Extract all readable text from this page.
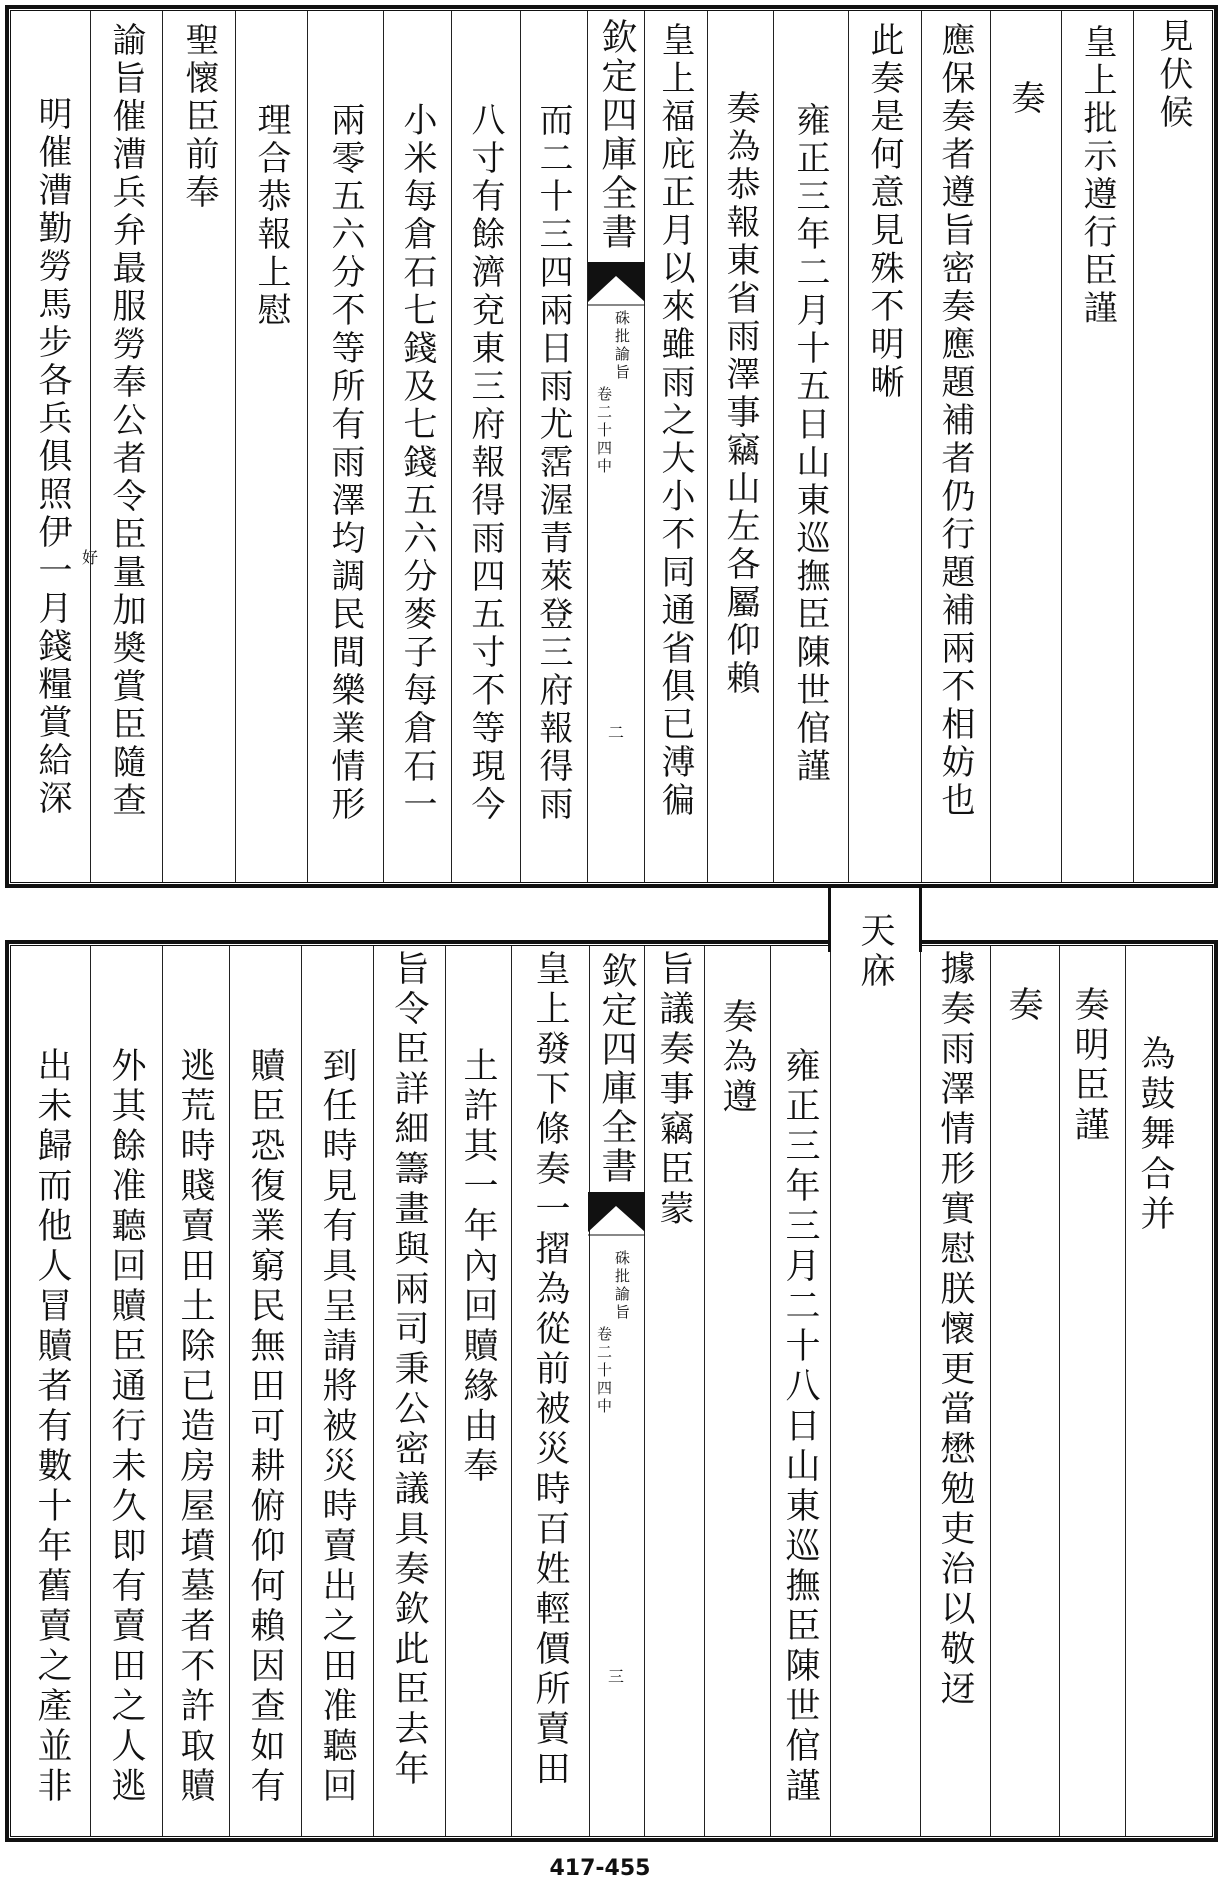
見伏候
皇上批示遵行臣謹
奏
應保奏者遵旨密奏應題補者仍行題補兩不相妨也
此奏是何意見殊不明晰
雍正三年二月十五日山東巡撫臣陳世倌謹
奏為恭報東省雨澤事竊山左各屬仰賴
皇上福庇正月以來雖雨之大小不同通省俱已溥徧
而二十三四兩日雨尤霑渥青萊登三府報得雨
八寸有餘濟兗東三府報得雨四五寸不等現今
小米每倉石七錢及七錢五六分麥子每倉石一
兩零五六分不等所有雨澤均調民間樂業情形
理合恭報上慰
聖懷臣前奉
諭旨催漕兵弁最服勞奉公者令臣量加奬賞臣隨查
明催漕勤勞馬步各兵俱照伊一月錢糧賞給深 好
欽定四庫全書
硃批諭旨
卷二十四中
二
為鼓舞合并
奏明臣謹
奏
據奏雨澤情形實慰朕懷更當懋勉吏治以敬迓
天庥
雍正三年三月二十八日山東巡撫臣陳世倌謹
奏為遵
旨議奏事竊臣蒙
皇上發下條奏一摺為從前被災時百姓輕價所賣田
土許其一年內回贖緣由奉
旨令臣詳細籌畫與兩司秉公密議具奏欽此臣去年
到任時見有具呈請將被災時賣出之田准聽回
贖臣恐復業窮民無田可耕俯仰何賴因查如有
逃荒時賤賣田土除已造房屋墳墓者不許取贖
外其餘准聽回贖臣通行未久即有賣田之人逃
出未歸而他人冒贖者有數十年舊賣之產並非	欽定四庫全書
硃批諭旨
卷二十四中
三
417-455
